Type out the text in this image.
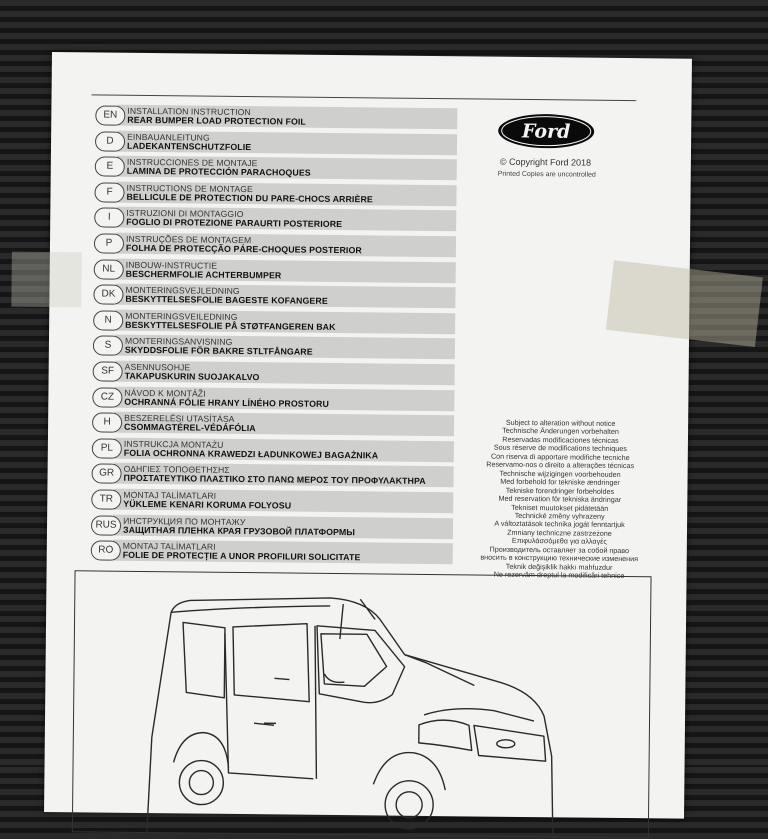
EN	INSTALLATION INSTRUCTION
REAR BUMPER LOAD PROTECTION FOIL
D	EINBAUANLEITUNG
LADEKANTENSCHUTZFOLIE
E	INSTRUCCIONES DE MONTAJE
LAMINA DE PROTECCIÓN PARACHOQUES
F	INSTRUCTIONS DE MONTAGE
BELLICULE DE PROTECTION DU PARE-CHOCS ARRIÈRE
I	ISTRUZIONI DI MONTAGGIO
FOGLIO DI PROTEZIONE PARAURTI POSTERIORE
P	INSTRUÇÕES DE MONTAGEM
FOLHA DE PROTECÇÃO PÁRE-CHOQUES POSTERIOR
NL	INBOUW-INSTRUCTIE
BESCHERMFOLIE ACHTERBUMPER
DK	MONTERINGSVEJLEDNING
BESKYTTELSESFOLIE BAGESTE KOFANGERE
N	MONTERINGSVEILEDNING
BESKYTTELSESFOLIE PÅ STØTFANGEREN BAK
S	MONTERINGSANVISNING
SKYDDSFOLIE FÖR BAKRE STLTFÅNGARE
SF	ASENNUSOHJE
TAKAPUSKURIN SUOJAKALVO
CZ	NÁVOD K MONTÁŽI
OCHRANNÁ FÓLIE HRANY LÍNÉHO PROSTORU
H	BESZERELÉSI UTASÍTÁSA
CSOMMAGTÉREL-VÉDÁFÓLIA
PL	INSTRUKCJA MONTAŻU
FOLIA OCHRONNA KRAWEDZI ŁADUNKOWEJ BAGAŻNIKA
GR	ΟΔΗΓΙΕΣ ΤΟΠΟΘΕΤΗΣΗΣ
ΠΡΟΣΤΑΤΕΥΤΙΚΟ ΠΛΑΣΤΙΚΟ ΣΤΟ ΠΑΝΩ ΜΕΡΟΣ ΤΟΥ ΠΡΟΦΥΛΑΚΤΗΡΑ
TR	MONTAJ TALİMATLARI
YÜKLEME KENARI KORUMA FOLYOSU
RUS ИНСТРУКЦИЯ ПО МОНТАЖУ
ЗАЩИТНАЯ ПЛЕНКА КРАЯ ГРУЗОВОЙ ПЛАТФОРМЫ
RO	MONTAJ TALİMATLARI
FOLIE DE PROTECȚIE A UNOR PROFILURI SOLICITATE
Ford
© Copyright Ford 2018
Printed Copies are uncontrolled
Subject to alteration without notice
Technische Änderungen vorbehalten
Reservadas modificaciones técnicas
Sous réserve de modifications techniques
Con riserva di apportare modifiche tecniche
Reservamo-nos o direito a alterações técnicas
Technische wijzigingen voorbehouden
Med forbehold for tekniske ændringer
Tekniske forendringer forbeholdes
Med reservation för tekniska ändringar
Tekniset muutokset pidätetään
Technické změny vyhrazeny
A változtatások technika jogát fenntartjuk
Zmniany techniczne zastrzeżone
Επιφυλάσσόμεθα για αλλαγές
Производитель оставляет за собой право
вносить в конструкцию технические изменения
Teknik değişiklik hakkı mahfuzdur
Ne rezervăm dreptul la modificări tehnice
